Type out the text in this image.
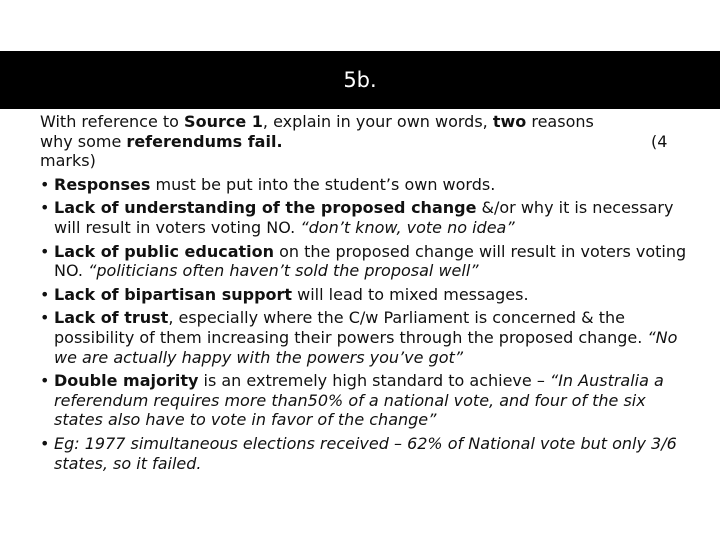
5b.

With reference to Source 1, explain in your own words, two reasons
why some referendums fail.	(4

marks)

• Responses must be put into the student’s own words.
• Lack of understanding of the proposed change &/or why it is necessary will result in voters voting NO. “don’t know, vote no idea”
• Lack of public education on the proposed change will result in voters voting NO. “politicians often haven’t sold the proposal well”
• Lack of bipartisan support will lead to mixed messages.
• Lack of trust, especially where the C/w Parliament is concerned & the possibility of them increasing their powers through the proposed change. “No we are actually happy with the powers you’ve got”
• Double majority is an extremely high standard to achieve – “In Australia a referendum requires more than50% of a national vote, and four of the six states also have to vote in favor of the change”
• Eg: 1977 simultaneous elections received – 62% of National vote but only 3/6 states, so it failed.
